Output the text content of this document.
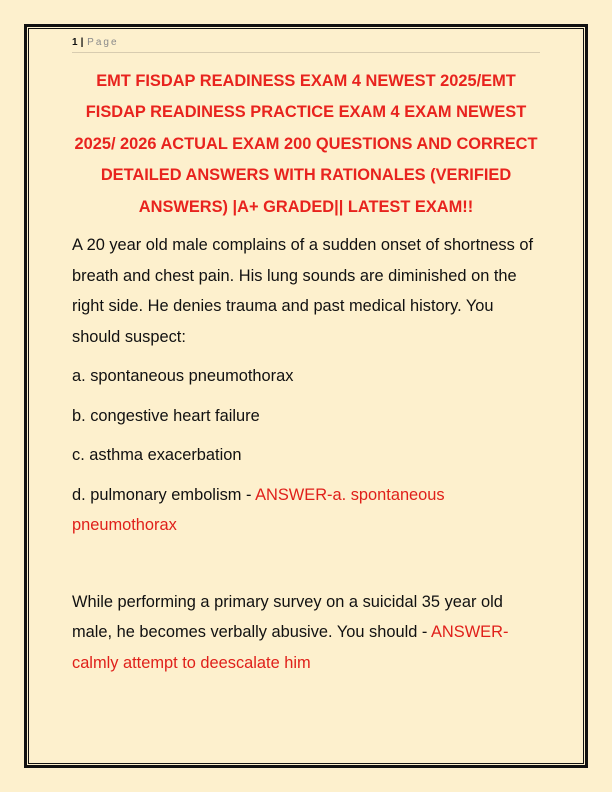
1 | Page

EMT FISDAP READINESS EXAM 4 NEWEST 2025/EMT FISDAP READINESS PRACTICE EXAM 4 EXAM NEWEST 2025/ 2026 ACTUAL EXAM 200 QUESTIONS AND CORRECT DETAILED ANSWERS WITH RATIONALES (VERIFIED ANSWERS) |A+ GRADED|| LATEST EXAM!!

A 20 year old male complains of a sudden onset of shortness of breath and chest pain. His lung sounds are diminished on the right side. He denies trauma and past medical history. You should suspect:

a. spontaneous pneumothorax

b. congestive heart failure

c. asthma exacerbation

d. pulmonary embolism - ANSWER-a. spontaneous pneumothorax

While performing a primary survey on a suicidal 35 year old male, he becomes verbally abusive. You should - ANSWER-calmly attempt to deescalate him
